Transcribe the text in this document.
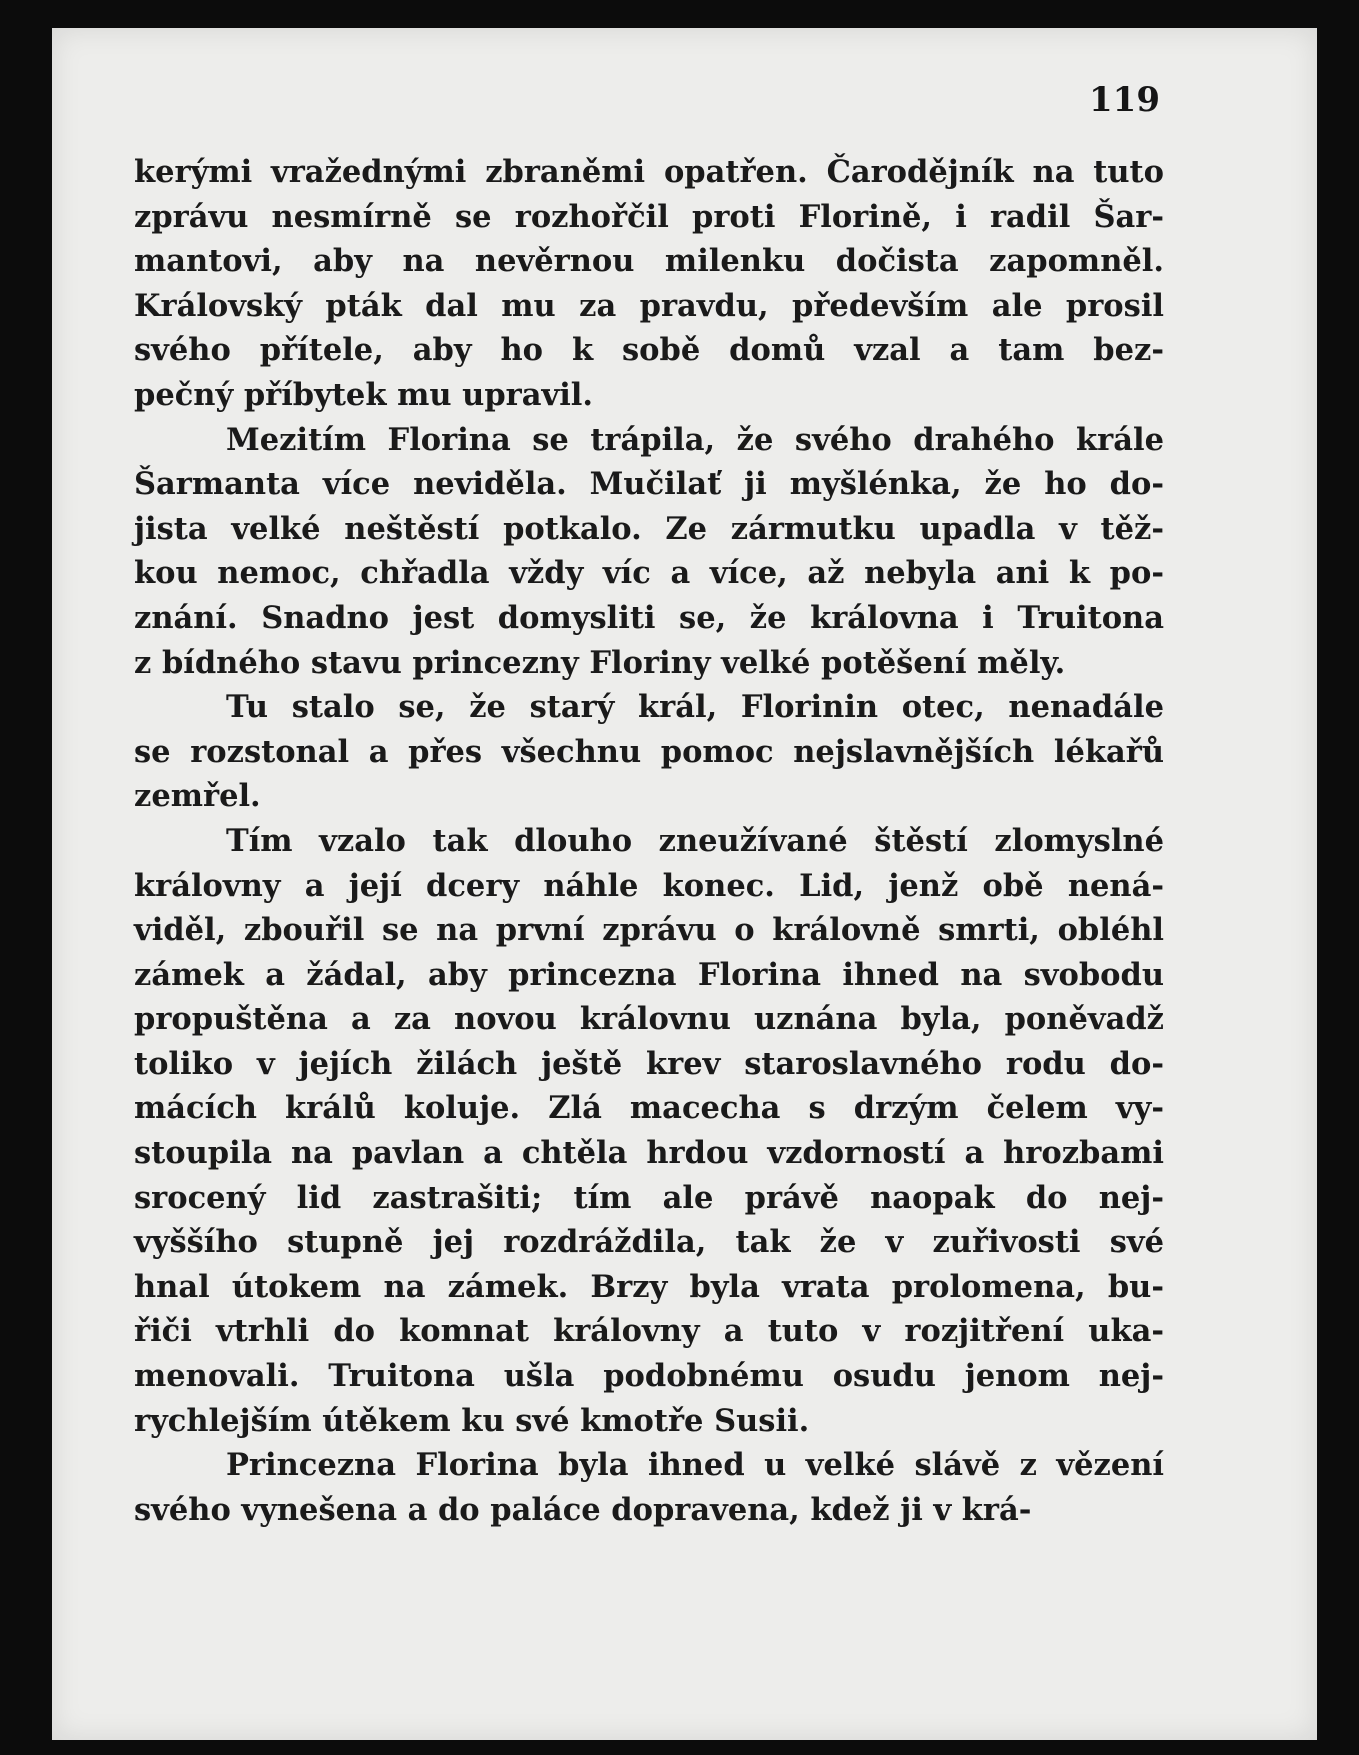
119

kerými vražednými zbraněmi opatřen. Čarodějník na tuto
zprávu nesmírně se rozhořčil proti Florině, i radil Šar-
mantovi, aby na nevěrnou milenku dočista zapomněl.
Královský pták dal mu za pravdu, především ale prosil
svého přítele, aby ho k sobě domů vzal a tam bez-
pečný příbytek mu upravil.
Mezitím Florina se trápila, že svého drahého krále
Šarmanta více neviděla. Mučilať ji myšlénka, že ho do-
jista velké neštěstí potkalo. Ze zármutku upadla v těž-
kou nemoc, chřadla vždy víc a více, až nebyla ani k po-
znání. Snadno jest domysliti se, že královna i Truitona
z bídného stavu princezny Floriny velké potěšení měly.
Tu stalo se, že starý král, Florinin otec, nenadále
se rozstonal a přes všechnu pomoc nejslavnějších lékařů
zemřel.
Tím vzalo tak dlouho zneužívané štěstí zlomyslné
královny a její dcery náhle konec. Lid, jenž obě nená-
viděl, zbouřil se na první zprávu o královně smrti, obléhl
zámek a žádal, aby princezna Florina ihned na svobodu
propuštěna a za novou královnu uznána byla, poněvadž
toliko v jejích žilách ještě krev staroslavného rodu do-
mácích králů koluje. Zlá macecha s drzým čelem vy-
stoupila na pavlan a chtěla hrdou vzdorností a hrozbami
srocený lid zastrašiti; tím ale právě naopak do nej-
vyššího stupně jej rozdráždila, tak že v zuřivosti své
hnal útokem na zámek. Brzy byla vrata prolomena, bu-
řiči vtrhli do komnat královny a tuto v rozjitření uka-
menovali. Truitona ušla podobnému osudu jenom nej-
rychlejším útěkem ku své kmotře Susii.
Princezna Florina byla ihned u velké slávě z vězení
svého vynešena a do paláce dopravena, kdež ji v krá-
